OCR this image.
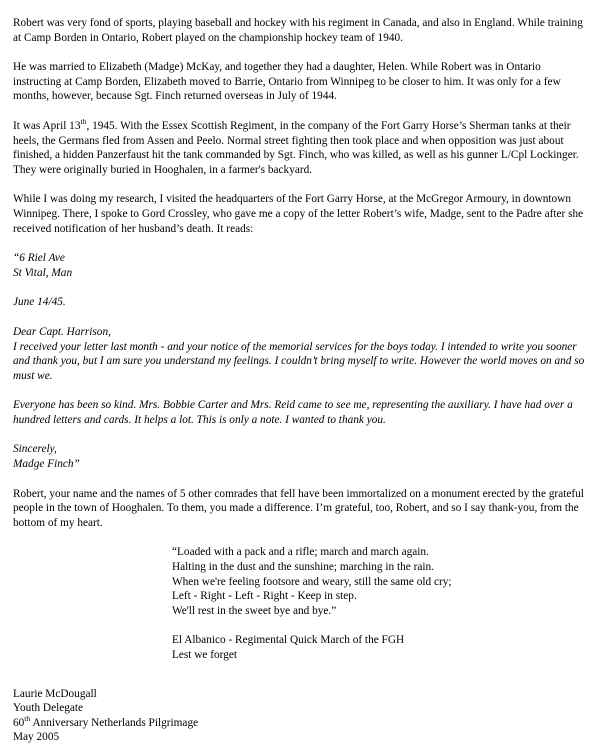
Robert was very fond of sports, playing baseball and hockey with his regiment in Canada, and also in England. While training at Camp Borden in Ontario, Robert played on the championship hockey team of 1940.

He was married to Elizabeth (Madge) McKay, and together they had a daughter, Helen. While Robert was in Ontario instructing at Camp Borden, Elizabeth moved to Barrie, Ontario from Winnipeg to be closer to him. It was only for a few months, however, because Sgt. Finch returned overseas in July of 1944.

It was April 13th, 1945. With the Essex Scottish Regiment, in the company of the Fort Garry Horse’s Sherman tanks at their heels, the Germans fled from Assen and Peelo. Normal street fighting then took place and when opposition was just about finished, a hidden Panzerfaust hit the tank commanded by Sgt. Finch, who was killed, as well as his gunner L/Cpl Lockinger. They were originally buried in Hooghalen, in a farmer's backyard.

While I was doing my research, I visited the headquarters of the Fort Garry Horse, at the McGregor Armoury, in downtown Winnipeg. There, I spoke to Gord Crossley, who gave me a copy of the letter Robert’s wife, Madge, sent to the Padre after she received notification of her husband’s death. It reads:

“6 Riel Ave
St Vital, Man
June 14/45.
Dear Capt. Harrison,
I received your letter last month - and your notice of the memorial services for the boys today. I intended to write you sooner and thank you, but I am sure you understand my feelings. I couldn’t bring myself to write. However the world moves on and so must we.
Everyone has been so kind. Mrs. Bobbie Carter and Mrs. Reid came to see me, representing the auxiliary. I have had over a hundred letters and cards. It helps a lot. This is only a note. I wanted to thank you.
Sincerely,
Madge Finch”

Robert, your name and the names of 5 other comrades that fell have been immortalized on a monument erected by the grateful people in the town of Hooghalen. To them, you made a difference. I’m grateful, too, Robert, and so I say thank-you, from the bottom of my heart.

“Loaded with a pack and a rifle; march and march again.
Halting in the dust and the sunshine; marching in the rain.
When we're feeling footsore and weary, still the same old cry;
Left - Right - Left - Right - Keep in step.
We'll rest in the sweet bye and bye.”
El Albanico - Regimental Quick March of the FGH
Lest we forget
Laurie McDougall
Youth Delegate
60th Anniversary Netherlands Pilgrimage
May 2005
